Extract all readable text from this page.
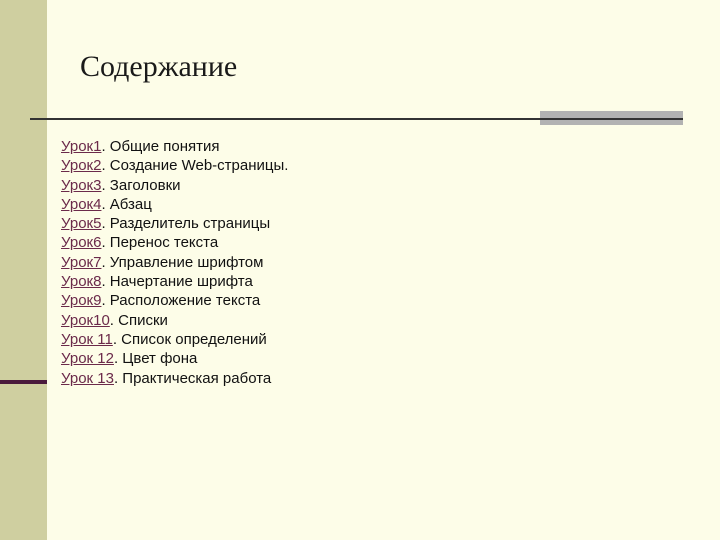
Содержание
Урок1. Общие понятия
Урок2. Создание Web-страницы.
Урок3. Заголовки
Урок4. Абзац
Урок5. Разделитель страницы
Урок6. Перенос текста
Урок7. Управление шрифтом
Урок8. Начертание шрифта
Урок9. Расположение текста
Урок10. Списки
Урок 11. Список определений
Урок 12. Цвет фона
Урок 13. Практическая работа
